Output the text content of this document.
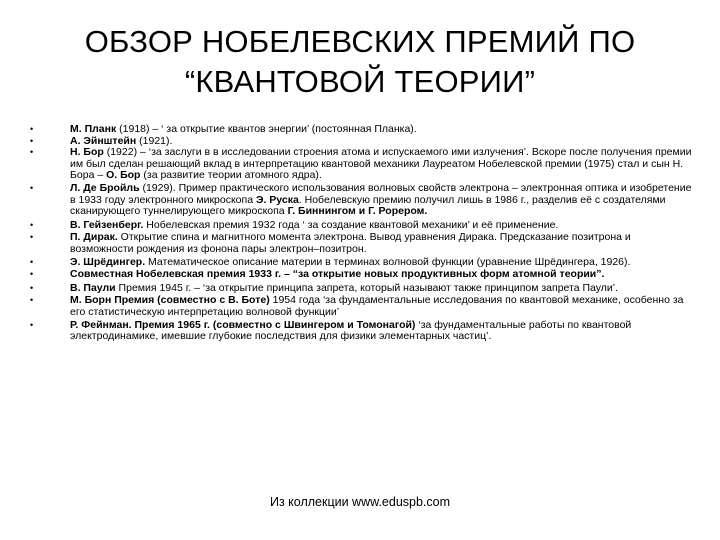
ОБЗОР НОБЕЛЕВСКИХ ПРЕМИЙ ПО
“КВАНТОВОЙ ТЕОРИИ”
•	М. Планк (1918) – ‘ за открытие квантов энергии’ (постоянная Планка).
•	А. Эйнштейн (1921).
•	Н. Бор (1922) – ‘за заслуги в в исследовании строения атома и испускаемого ими излучения’. Вскоре после получения премии им был сделан решающий вклад в интерпретацию квантовой механики Лауреатом Нобелевской премии (1975) стал и сын Н. Бора – О. Бор (за развитие теории атомного ядра).
•	Л. Де Бройль (1929). Пример практического использования волновых свойств электрона – электронная оптика и изобретение в 1933 году электронного микроскопа Э. Руска. Нобелевскую премию получил лишь в 1986 г., разделив её с создателями сканирующего туннелирующего микроскопа Г. Биннингом и Г. Рорером.
•	В. Гейзенберг. Нобелевская премия 1932 года ‘ за создание квантовой механики’ и её применение.
•	П. Дирак. Открытие спина и магнитного момента электрона. Вывод уравнения Дирака. Предсказание позитрона и возможности рождения из фонона пары электрон–позитрон.
•	Э. Шрёдингер. Математическое описание материи в терминах волновой функции (уравнение Шрёдингера, 1926).
•	Совместная Нобелевская премия 1933 г. – “за открытие новых продуктивных форм атомной теории”.
•	В. Паули Премия 1945 г. – ‘за открытие принципа запрета, который называют также принципом запрета Паули’.
•	М. Борн Премия (совместно с В. Боте) 1954 года ‘за фундаментальные исследования по квантовой механике, особенно за его статистическую интерпретацию волновой функции’
•	Р. Фейнман. Премия 1965 г. (совместно с Швингером и Томонагой) ‘за фундаментальные работы по квантовой электродинамике, имевшие глубокие последствия для физики элементарных частиц’.
Из коллекции www.eduspb.com
